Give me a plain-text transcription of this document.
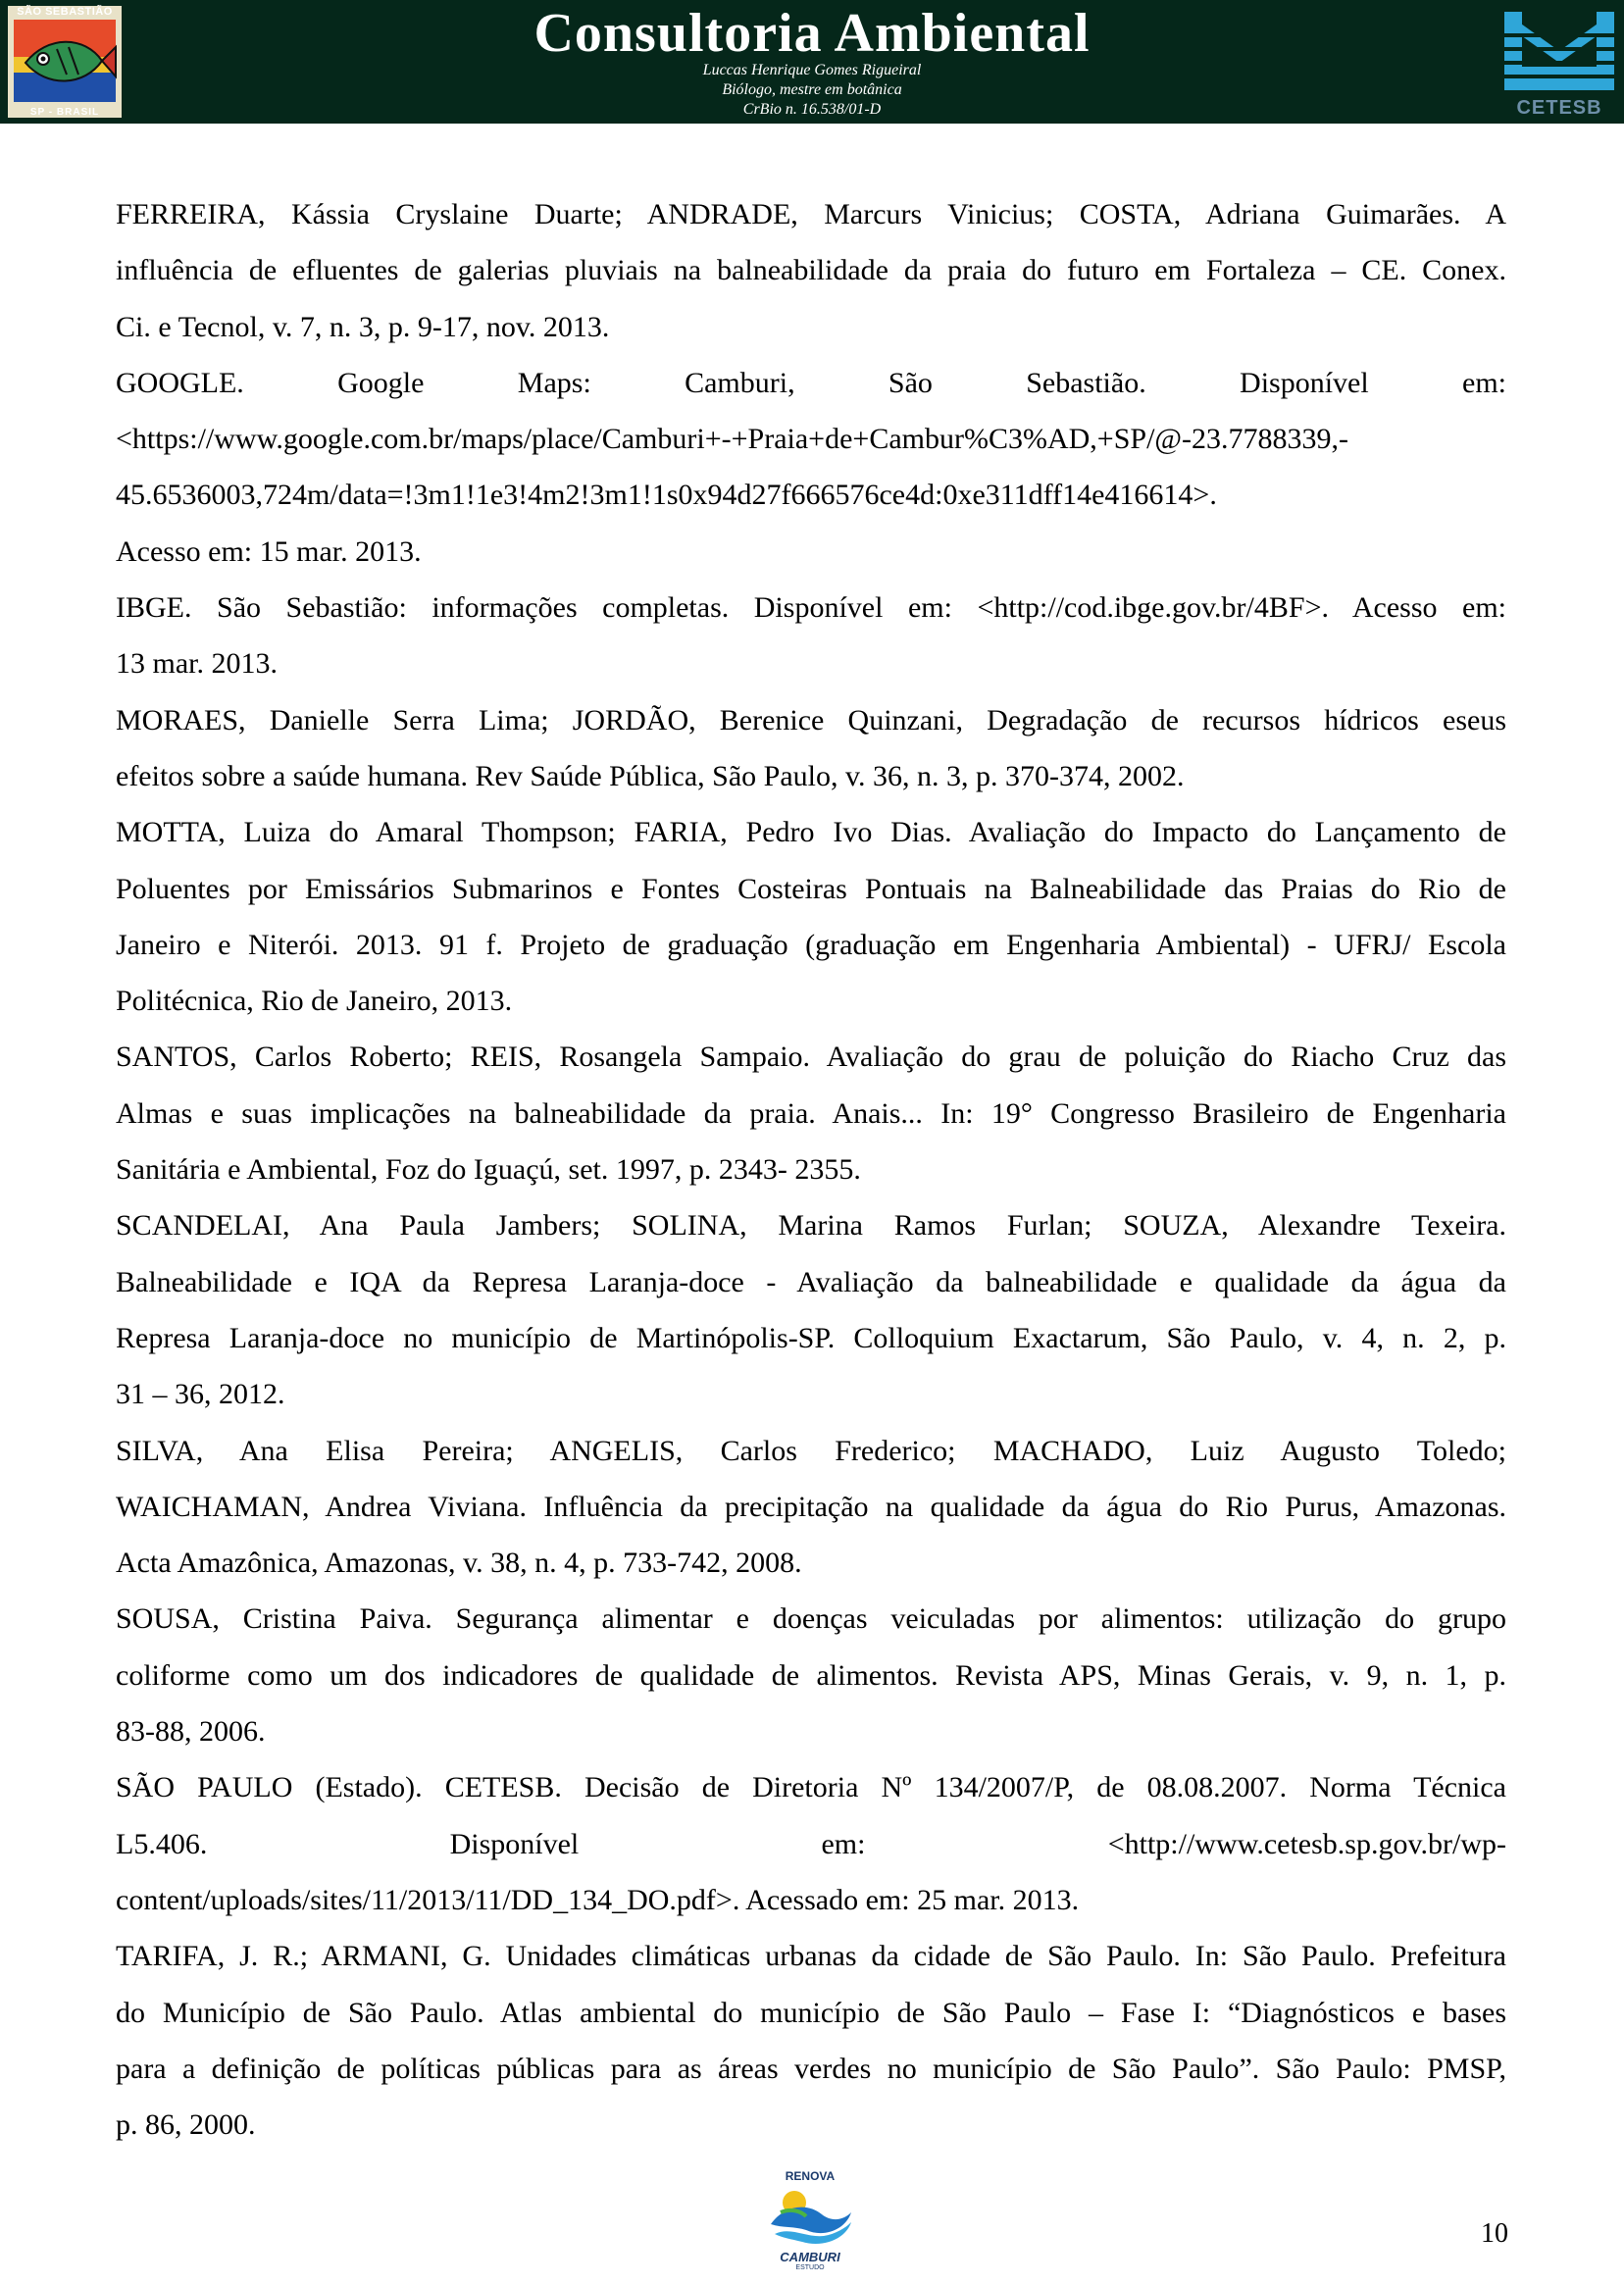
SÃO SEBASTIÃO
SP - BRASIL
Consultoria Ambiental
Luccas Henrique Gomes Rigueiral
Biólogo, mestre em botânica
CrBio n. 16.538/01-D	CETESB

FERREIRA, Kássia Cryslaine Duarte; ANDRADE, Marcurs Vinicius; COSTA, Adriana Guimarães. A
influência de efluentes de galerias pluviais na balneabilidade da praia do futuro em Fortaleza – CE. Conex.
Ci. e Tecnol, v. 7, n. 3, p. 9-17, nov. 2013.

GOOGLE. Google Maps: Camburi, São Sebastião. Disponível em:
<https://www.google.com.br/maps/place/Camburi+-+Praia+de+Cambur%C3%AD,+SP/@-23.7788339,-
45.6536003,724m/data=!3m1!1e3!4m2!3m1!1s0x94d27f666576ce4d:0xe311dff14e416614>.
Acesso em: 15 mar. 2013.

IBGE. São Sebastião: informações completas. Disponível em: <http://cod.ibge.gov.br/4BF>. Acesso em:
13 mar. 2013.

MORAES, Danielle Serra Lima; JORDÃO, Berenice Quinzani, Degradação de recursos hídricos eseus
efeitos sobre a saúde humana. Rev Saúde Pública, São Paulo, v. 36, n. 3, p. 370-374, 2002.

MOTTA, Luiza do Amaral Thompson; FARIA, Pedro Ivo Dias. Avaliação do Impacto do Lançamento de
Poluentes por Emissários Submarinos e Fontes Costeiras Pontuais na Balneabilidade das Praias do Rio de
Janeiro e Niterói. 2013. 91 f. Projeto de graduação (graduação em Engenharia Ambiental) - UFRJ/ Escola
Politécnica, Rio de Janeiro, 2013.

SANTOS, Carlos Roberto; REIS, Rosangela Sampaio. Avaliação do grau de poluição do Riacho Cruz das
Almas e suas implicações na balneabilidade da praia. Anais... In: 19° Congresso Brasileiro de Engenharia
Sanitária e Ambiental, Foz do Iguaçú, set. 1997, p. 2343- 2355.

SCANDELAI, Ana Paula Jambers; SOLINA, Marina Ramos Furlan; SOUZA, Alexandre Texeira.
Balneabilidade e IQA da Represa Laranja-doce - Avaliação da balneabilidade e qualidade da água da
Represa Laranja-doce no município de Martinópolis-SP. Colloquium Exactarum, São Paulo, v. 4, n. 2, p.
31 – 36, 2012.

SILVA, Ana Elisa Pereira; ANGELIS, Carlos Frederico; MACHADO, Luiz Augusto Toledo;
WAICHAMAN, Andrea Viviana. Influência da precipitação na qualidade da água do Rio Purus, Amazonas.
Acta Amazônica, Amazonas, v. 38, n. 4, p. 733-742, 2008.

SOUSA, Cristina Paiva. Segurança alimentar e doenças veiculadas por alimentos: utilização do grupo
coliforme como um dos indicadores de qualidade de alimentos. Revista APS, Minas Gerais, v. 9, n. 1, p.
83-88, 2006.

SÃO PAULO (Estado). CETESB. Decisão de Diretoria Nº 134/2007/P, de 08.08.2007. Norma Técnica
L5.406. Disponível em: <http://www.cetesb.sp.gov.br/wp-
content/uploads/sites/11/2013/11/DD_134_DO.pdf>. Acessado em: 25 mar. 2013.

TARIFA, J. R.; ARMANI, G. Unidades climáticas urbanas da cidade de São Paulo. In: São Paulo. Prefeitura
do Município de São Paulo. Atlas ambiental do município de São Paulo – Fase I: “Diagnósticos e bases
para a definição de políticas públicas para as áreas verdes no município de São Paulo”. São Paulo: PMSP,
p. 86, 2000.

RENOVA
CAMBURI
ESTUDO
10
